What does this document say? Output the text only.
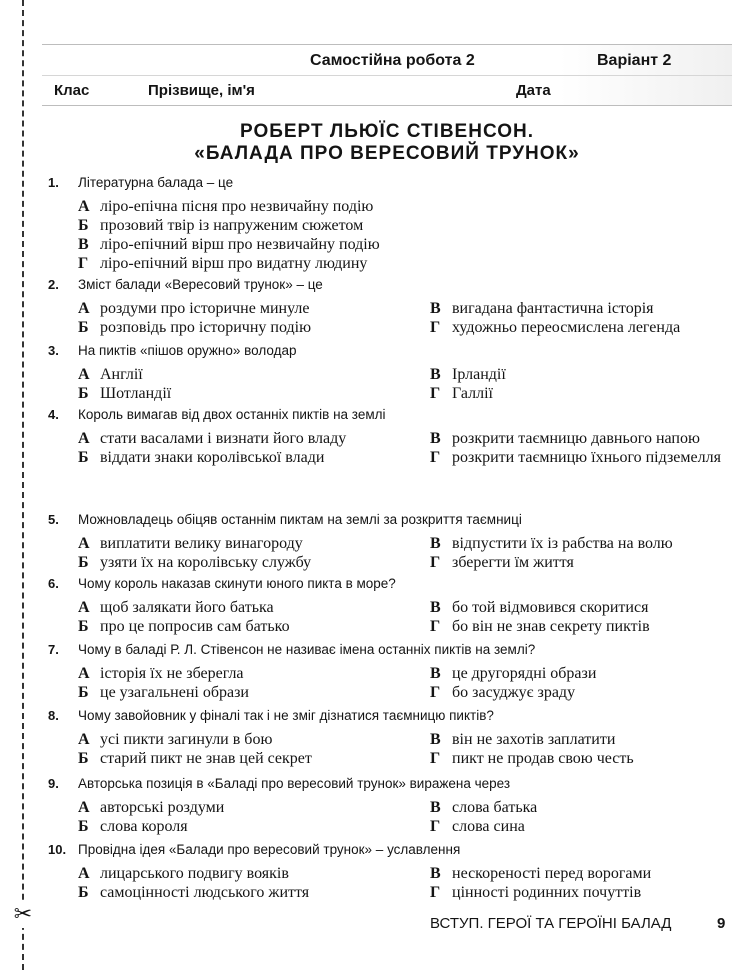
✂
Самостійна робота 2	Варіант 2
Клас	Прізвище, ім'я	Дата
РОБЕРТ ЛЬЮЇС СТІВЕНСОН.
«БАЛАДА ПРО ВЕРЕСОВИЙ ТРУНОК»
1.	Літературна балада – це
А ліро-епічна пісня про незвичайну подію
Б прозовий твір із напруженим сюжетом
В ліро-епічний вірш про незвичайну подію
Г ліро-епічний вірш про видатну людину
2.	Зміст балади «Вересовий трунок» – це
А роздуми про історичне минуле
Б розповідь про історичну подію
В вигадана фантастична історія
Г художньо переосмислена легенда
3.	На пиктів «пішов оружно» володар
А Англії
Б Шотландії
В Ірландії
Г Галлії
4.	Король вимагав від двох останніх пиктів на землі
А стати васалами і визнати його владу
Б віддати знаки королівської влади
В розкрити таємницю давнього напою
Г розкрити таємницю їхнього підземелля
5.	Можновладець обіцяв останнім пиктам на землі за розкриття таємниці
А виплатити велику винагороду
Б узяти їх на королівську службу
В відпустити їх із рабства на волю
Г зберегти їм життя
6.	Чому король наказав скинути юного пикта в море?
А щоб залякати його батька
Б про це попросив сам батько
В бо той відмовився скоритися
Г бо він не знав секрету пиктів
7.	Чому в баладі Р. Л. Стівенсон не називає імена останніх пиктів на землі?
А історія їх не зберегла
Б це узагальнені образи
В це другорядні образи
Г бо засуджує зраду
8.	Чому завойовник у фіналі так і не зміг дізнатися таємницю пиктів?
А усі пикти загинули в бою
Б старий пикт не знав цей секрет
В він не захотів заплатити
Г пикт не продав свою честь
9.	Авторська позиція в «Баладі про вересовий трунок» виражена через
А авторські роздуми
Б слова короля
В слова батька
Г слова сина
10. Провідна ідея «Балади про вересовий трунок» – уславлення
А лицарського подвигу вояків
Б самоцінності людського життя
В нескореності перед ворогами
Г цінності родинних почуттів
ВСТУП. ГЕРОЇ ТА ГЕРОЇНІ БАЛАД	9
